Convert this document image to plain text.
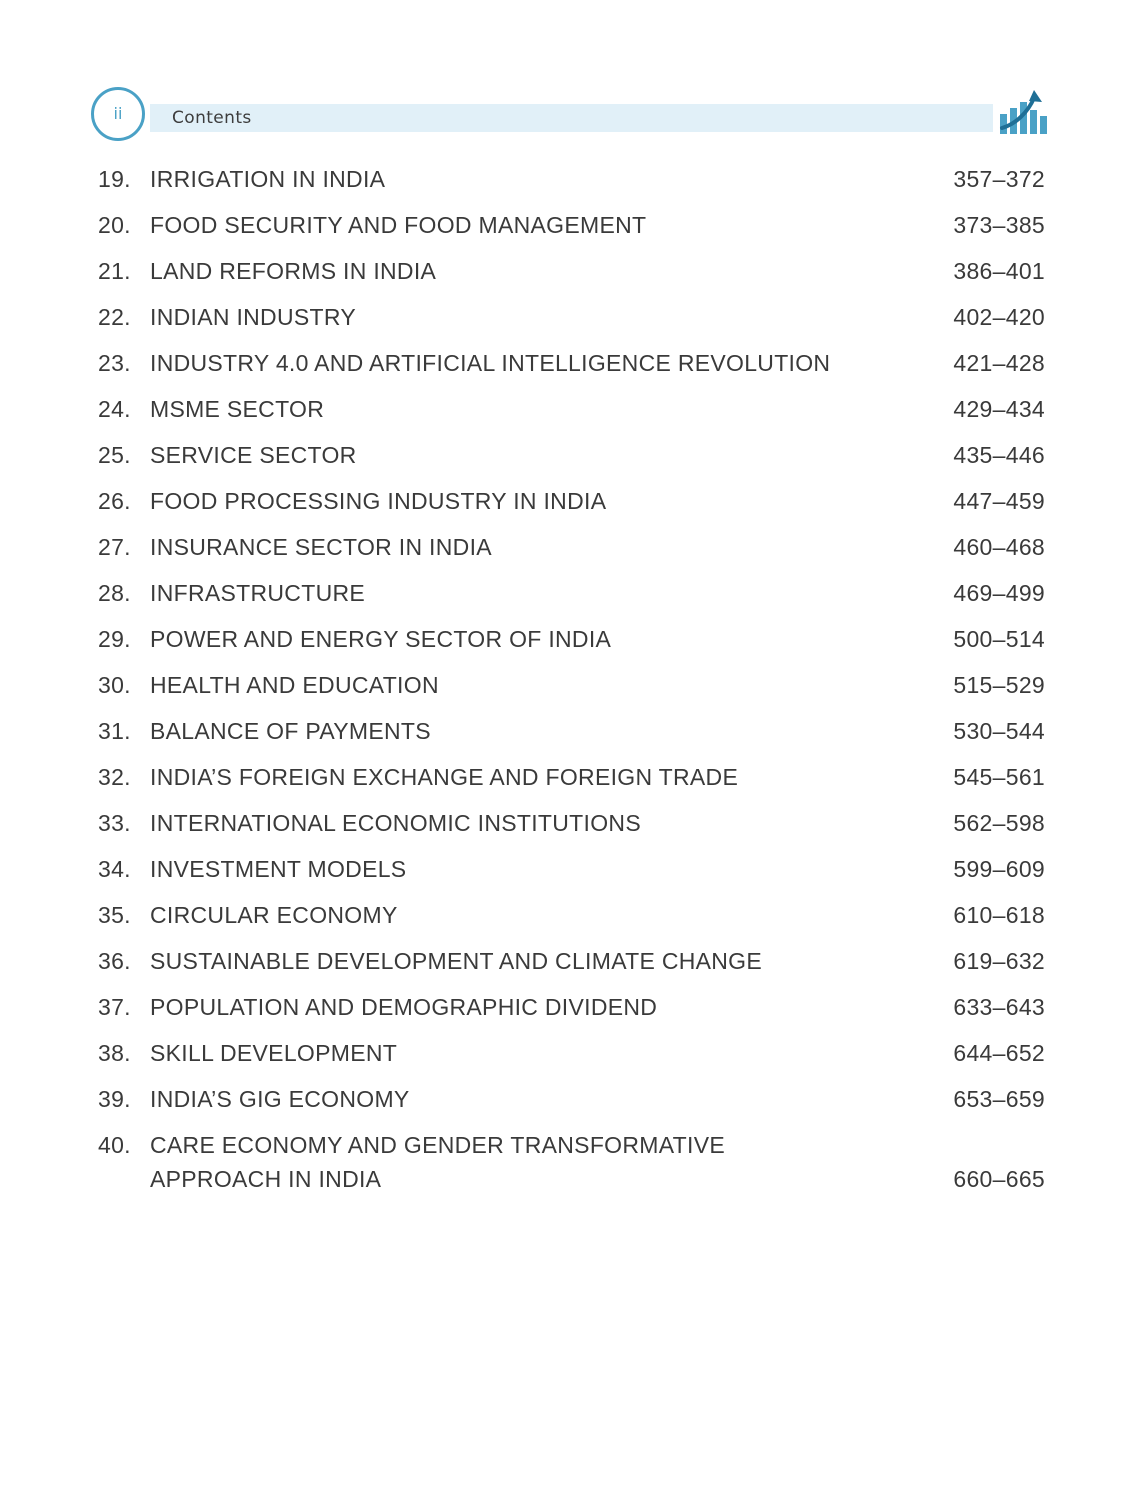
ii	Contents
19. IRRIGATION IN INDIA	357–372
20. FOOD SECURITY AND FOOD MANAGEMENT	373–385
21. LAND REFORMS IN INDIA	386–401
22. INDIAN INDUSTRY	402–420
23. INDUSTRY 4.0 AND ARTIFICIAL INTELLIGENCE REVOLUTION	421–428
24. MSME SECTOR	429–434
25. SERVICE SECTOR	435–446
26. FOOD PROCESSING INDUSTRY IN INDIA	447–459
27. INSURANCE SECTOR IN INDIA	460–468
28. INFRASTRUCTURE	469–499
29. POWER AND ENERGY SECTOR OF INDIA	500–514
30. HEALTH AND EDUCATION	515–529
31. BALANCE OF PAYMENTS	530–544
32. INDIA’S FOREIGN EXCHANGE AND FOREIGN TRADE	545–561
33. INTERNATIONAL ECONOMIC INSTITUTIONS	562–598
34. INVESTMENT MODELS	599–609
35. CIRCULAR ECONOMY	610–618
36. SUSTAINABLE DEVELOPMENT AND CLIMATE CHANGE	619–632
37. POPULATION AND DEMOGRAPHIC DIVIDEND	633–643
38. SKILL DEVELOPMENT	644–652
39. INDIA’S GIG ECONOMY	653–659
40. CARE ECONOMY AND GENDER TRANSFORMATIVE APPROACH IN INDIA	660–665
